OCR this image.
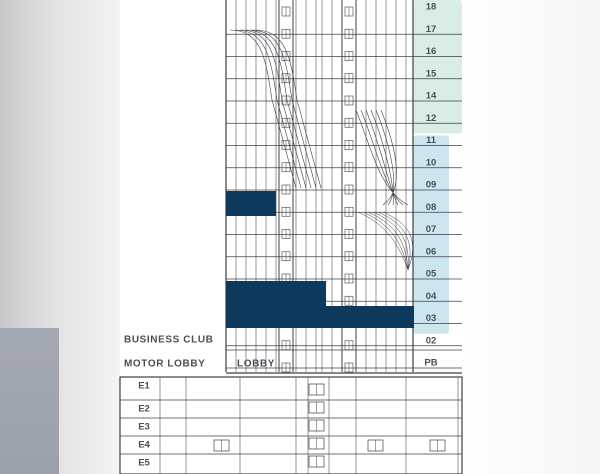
18
17
16
15
14
12
11
10
09
08
07
06
05
04
03
02
PB
E1
E2
E3
E4
E5
BUSINESS CLUB
MOTOR LOBBY	LOBBY
